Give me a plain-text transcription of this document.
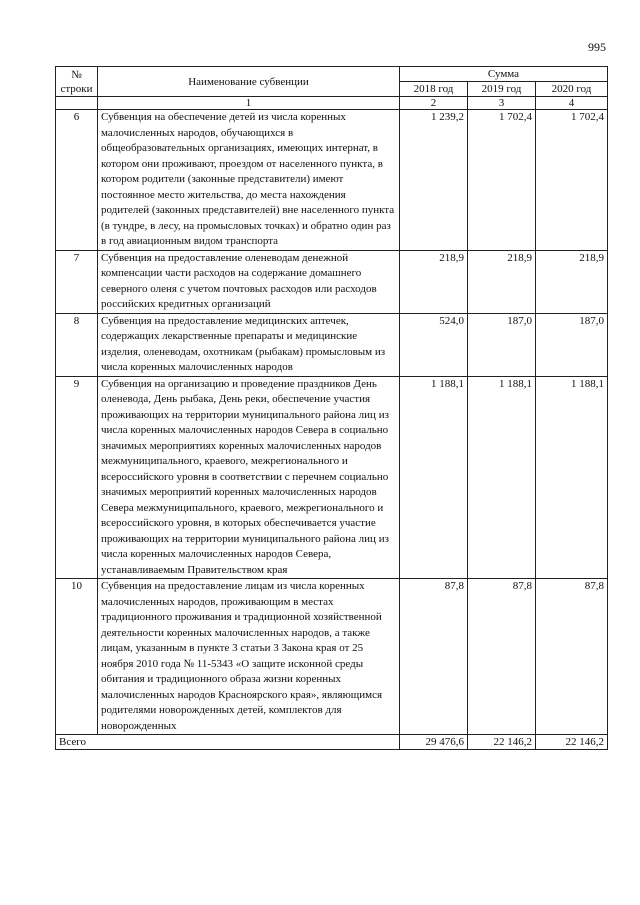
995
№ строки	Наименование субвенции	Сумма		
		2018 год	2019 год	2020 год
	1	2	3	4
6	Субвенция на обеспечение детей из числа коренных малочисленных народов, обучающихся в общеобразовательных организациях, имеющих интернат, в котором они проживают, проездом от населенного пункта, в котором родители (законные представители) имеют постоянное место жительства, до места нахождения родителей (законных представителей) вне населенного пункта (в тундре, в лесу, на промысловых точках) и обратно один раз в год авиационным видом транспорта	1 239,2	1 702,4	1 702,4
7	Субвенция на предоставление оленеводам денежной компенсации части расходов на содержание домашнего северного оленя с учетом почтовых расходов или расходов российских кредитных организаций	218,9	218,9	218,9
8	Субвенция на предоставление медицинских аптечек, содержащих лекарственные препараты и медицинские изделия, оленеводам, охотникам (рыбакам) промысловым из числа коренных малочисленных народов	524,0	187,0	187,0
9	Субвенция на организацию и проведение праздников День оленевода, День рыбака, День реки, обеспечение участия проживающих на территории муниципального района лиц из числа коренных малочисленных народов Севера в социально значимых мероприятиях коренных малочисленных народов межмуниципального, краевого, межрегионального и всероссийского уровня в соответствии с перечнем социально значимых мероприятий коренных малочисленных народов Севера межмуниципального, краевого, межрегионального и всероссийского уровня, в которых обеспечивается участие проживающих на территории муниципального района лиц из числа коренных малочисленных народов Севера, устанавливаемым Правительством края	1 188,1	1 188,1	1 188,1
10	Субвенция на предоставление лицам из числа коренных малочисленных народов, проживающим в местах традиционного проживания и традиционной хозяйственной деятельности коренных малочисленных народов, а также лицам, указанным в пункте 3 статьи 3 Закона края от 25 ноября 2010 года № 11-5343 «О защите исконной среды обитания и традиционного образа жизни коренных малочисленных народов Красноярского края», являющимся родителями новорожденных детей, комплектов для новорожденных	87,8	87,8	87,8
Всего		29 476,6	22 146,2	22 146,2
